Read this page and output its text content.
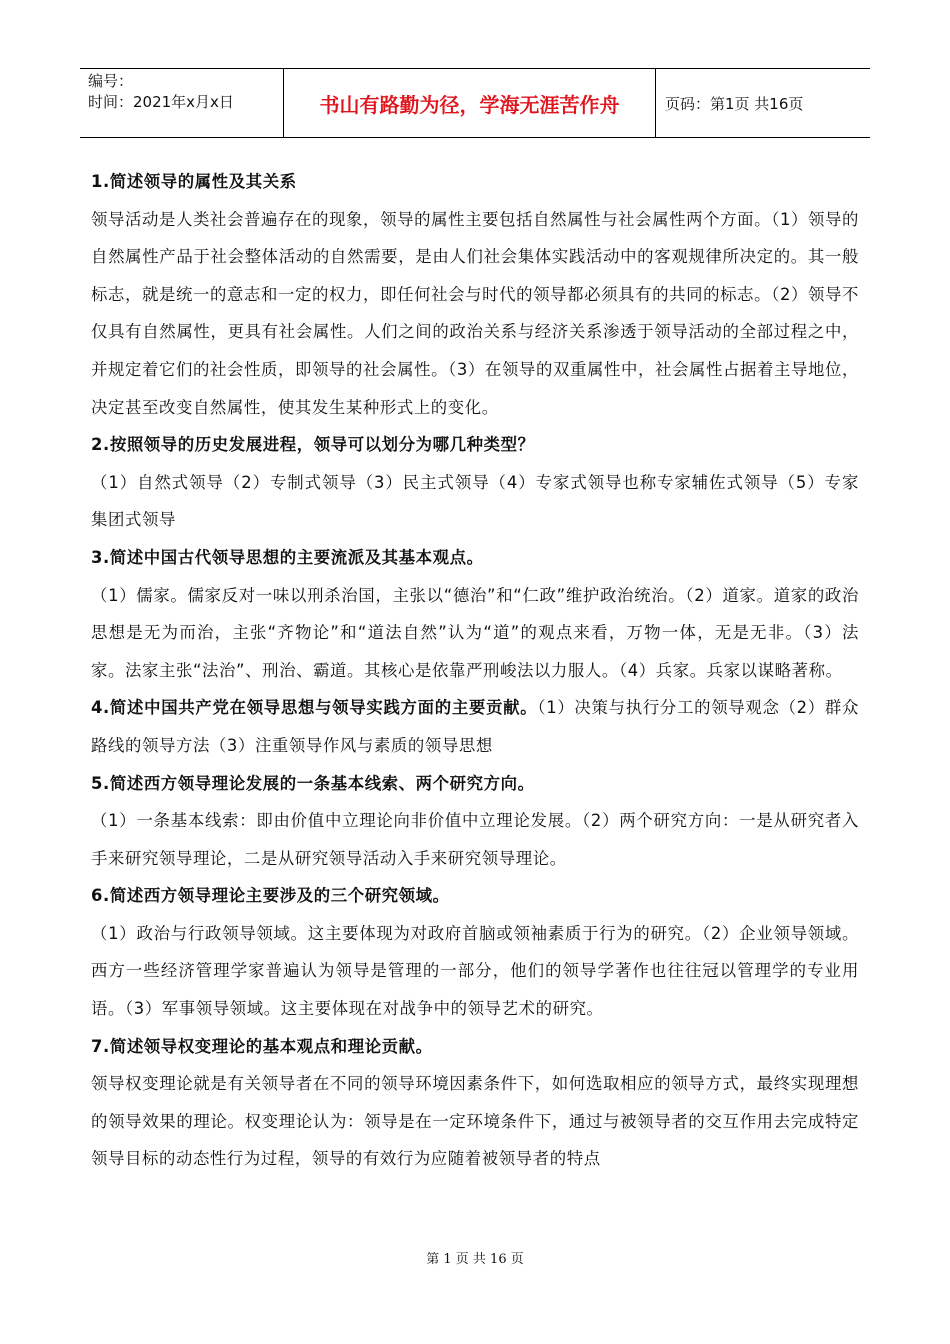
编号：
时间：2021年x月x日	书山有路勤为径，学海无涯苦作舟	页码：第1页 共16页

1.简述领导的属性及其关系

领导活动是人类社会普遍存在的现象，领导的属性主要包括自然属性与社会属性两个方面。（1）领导的自然属性产品于社会整体活动的自然需要，是由人们社会集体实践活动中的客观规律所决定的。其一般标志，就是统一的意志和一定的权力，即任何社会与时代的领导都必须具有的共同的标志。（2）领导不仅具有自然属性，更具有社会属性。人们之间的政治关系与经济关系渗透于领导活动的全部过程之中，并规定着它们的社会性质，即领导的社会属性。（3）在领导的双重属性中，社会属性占据着主导地位，决定甚至改变自然属性，使其发生某种形式上的变化。

2.按照领导的历史发展进程，领导可以划分为哪几种类型？

（1）自然式领导（2）专制式领导（3）民主式领导（4）专家式领导也称专家辅佐式领导（5）专家集团式领导

3.简述中国古代领导思想的主要流派及其基本观点。

（1）儒家。儒家反对一味以刑杀治国，主张以“德治”和“仁政”维护政治统治。（2）道家。道家的政治思想是无为而治，主张“齐物论”和“道法自然”认为“道”的观点来看，万物一体，无是无非。（3）法家。法家主张“法治”、刑治、霸道。其核心是依靠严刑峻法以力服人。（4）兵家。兵家以谋略著称。

4.简述中国共产党在领导思想与领导实践方面的主要贡献。（1）决策与执行分工的领导观念（2）群众路线的领导方法（3）注重领导作风与素质的领导思想

5.简述西方领导理论发展的一条基本线索、两个研究方向。

（1）一条基本线索：即由价值中立理论向非价值中立理论发展。（2）两个研究方向：一是从研究者入手来研究领导理论，二是从研究领导活动入手来研究领导理论。

6.简述西方领导理论主要涉及的三个研究领域。

（1）政治与行政领导领域。这主要体现为对政府首脑或领袖素质于行为的研究。（2）企业领导领域。西方一些经济管理学家普遍认为领导是管理的一部分，他们的领导学著作也往往冠以管理学的专业用语。（3）军事领导领域。这主要体现在对战争中的领导艺术的研究。

7.简述领导权变理论的基本观点和理论贡献。

领导权变理论就是有关领导者在不同的领导环境因素条件下，如何选取相应的领导方式，最终实现理想的领导效果的理论。权变理论认为：领导是在一定环境条件下，通过与被领导者的交互作用去完成特定领导目标的动态性行为过程，领导的有效行为应随着被领导者的特点

第 1 页 共 16 页
